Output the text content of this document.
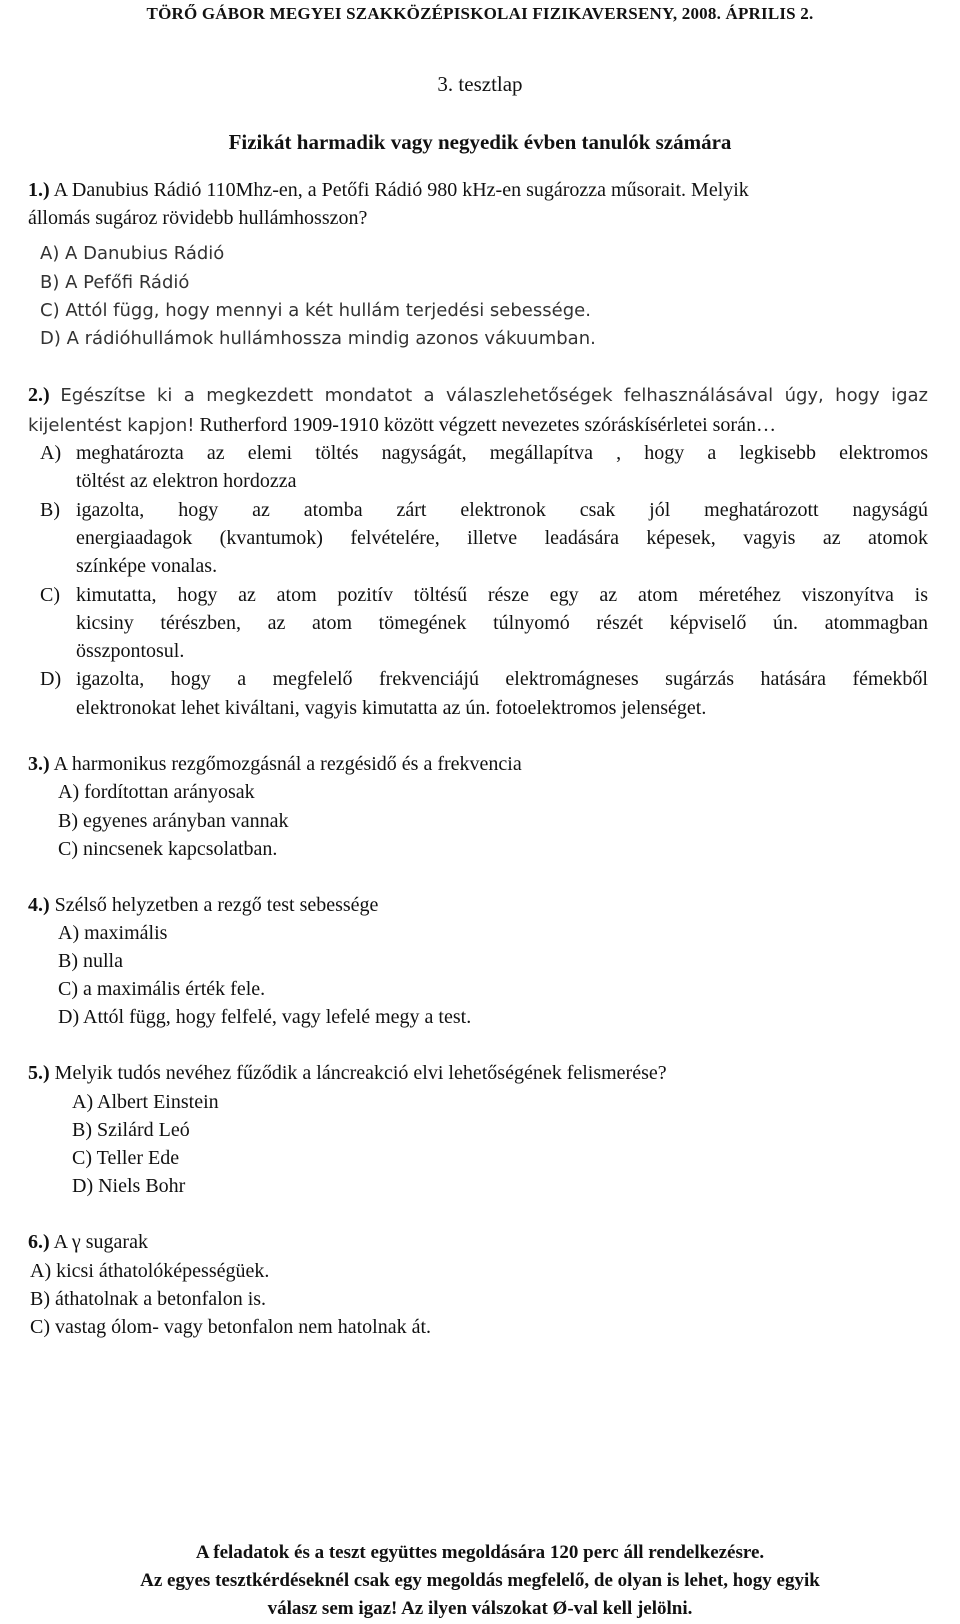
TÖRŐ GÁBOR MEGYEI SZAKKÖZÉPISKOLAI FIZIKAVERSENY, 2008. ÁPRILIS 2.
3. tesztlap
Fizikát harmadik vagy negyedik évben tanulók számára
1.) A Danubius Rádió 110Mhz-en, a Petőfi Rádió 980 kHz-en sugározza műsorait. Melyik
állomás sugároz rövidebb hullámhosszon?
A) A Danubius Rádió
B) A Pefőfi Rádió
C) Attól függ, hogy mennyi a két hullám terjedési sebessége.
D) A rádióhullámok hullámhossza mindig azonos vákuumban.
2.) Egészítse ki a megkezdett mondatot a válaszlehetőségek felhasználásával úgy, hogy igaz
kijelentést kapjon! Rutherford 1909-1910 között végzett nevezetes szóráskísérletei során…
A) meghatározta az elemi töltés nagyságát, megállapítva , hogy a legkisebb elektromos
töltést az elektron hordozza
B) igazolta, hogy az atomba zárt elektronok csak jól meghatározott nagyságú
energiaadagok (kvantumok) felvételére, illetve leadására képesek, vagyis az atomok
színképe vonalas.
C) kimutatta, hogy az atom pozitív töltésű része egy az atom méretéhez viszonyítva is
kicsiny térészben, az atom tömegének túlnyomó részét képviselő ún. atommagban
összpontosul.
D) igazolta, hogy a megfelelő frekvenciájú elektromágneses sugárzás hatására fémekből
elektronokat lehet kiváltani, vagyis kimutatta az ún. fotoelektromos jelenséget.
3.) A harmonikus rezgőmozgásnál a rezgésidő és a frekvencia
A) fordítottan arányosak
B) egyenes arányban vannak
C) nincsenek kapcsolatban.
4.) Szélső helyzetben a rezgő test sebessége
A) maximális
B) nulla
C) a maximális érték fele.
D) Attól függ, hogy felfelé, vagy lefelé megy a test.
5.) Melyik tudós nevéhez fűződik a láncreakció elvi lehetőségének felismerése?
A) Albert Einstein
B) Szilárd Leó
C) Teller Ede
D) Niels Bohr
6.) A γ sugarak
A) kicsi áthatolóképességüek.
B) áthatolnak a betonfalon is.
C) vastag ólom- vagy betonfalon nem hatolnak át.
A feladatok és a teszt együttes megoldására 120 perc áll rendelkezésre.
Az egyes tesztkérdéseknél csak egy megoldás megfelelő, de olyan is lehet, hogy egyik
válasz sem igaz! Az ilyen válszokat Ø-val kell jelölni.
